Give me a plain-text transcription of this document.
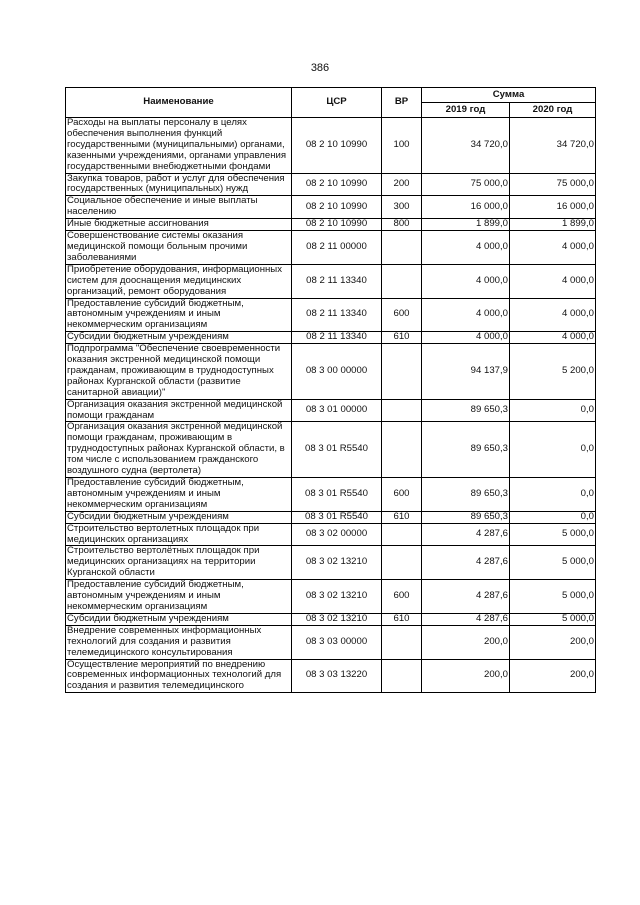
386
Наименование	ЦСР	ВР	Сумма	
			2019 год	2020 год
Расходы на выплаты персоналу в целях обеспечения выполнения функций государственными (муниципальными) органами, казенными учреждениями, органами управления государственными внебюджетными фондами	08 2 10 10990	100	34 720,0	34 720,0
Закупка товаров, работ и услуг для обеспечения государственных (муниципальных) нужд	08 2 10 10990	200	75 000,0	75 000,0
Социальное обеспечение и иные выплаты населению	08 2 10 10990	300	16 000,0	16 000,0
Иные бюджетные ассигнования	08 2 10 10990	800	1 899,0	1 899,0
Совершенствование системы оказания медицинской помощи больным прочими заболеваниями	08 2 11 00000		4 000,0	4 000,0
Приобретение оборудования, информационных систем для дооснащения медицинских организаций, ремонт оборудования	08 2 11 13340		4 000,0	4 000,0
Предоставление субсидий бюджетным, автономным учреждениям и иным некоммерческим организациям	08 2 11 13340	600	4 000,0	4 000,0
Субсидии бюджетным учреждениям	08 2 11 13340	610	4 000,0	4 000,0
Подпрограмма "Обеспечение своевременности оказания экстренной медицинской помощи гражданам, проживающим в труднодоступных районах Курганской области (развитие санитарной авиации)"	08 3 00 00000		94 137,9	5 200,0
Организация оказания экстренной медицинской помощи гражданам	08 3 01 00000		89 650,3	0,0
Организация оказания экстренной медицинской помощи гражданам, проживающим в труднодоступных районах Курганской области, в том числе с использованием гражданского воздушного судна (вертолета)	08 3 01 R5540		89 650,3	0,0
Предоставление субсидий бюджетным, автономным учреждениям и иным некоммерческим организациям	08 3 01 R5540	600	89 650,3	0,0
Субсидии бюджетным учреждениям	08 3 01 R5540	610	89 650,3	0,0
Строительство вертолетных площадок при медицинских организациях	08 3 02 00000		4 287,6	5 000,0
Строительство вертолётных площадок при медицинских организациях на территории Курганской области	08 3 02 13210		4 287,6	5 000,0
Предоставление субсидий бюджетным, автономным учреждениям и иным некоммерческим организациям	08 3 02 13210	600	4 287,6	5 000,0
Субсидии бюджетным учреждениям	08 3 02 13210	610	4 287,6	5 000,0
Внедрение современных информационных технологий для создания и развития телемедицинского консультирования	08 3 03 00000		200,0	200,0
Осуществление мероприятий по внедрению современных информационных технологий для создания и развития телемедицинского	08 3 03 13220		200,0	200,0
